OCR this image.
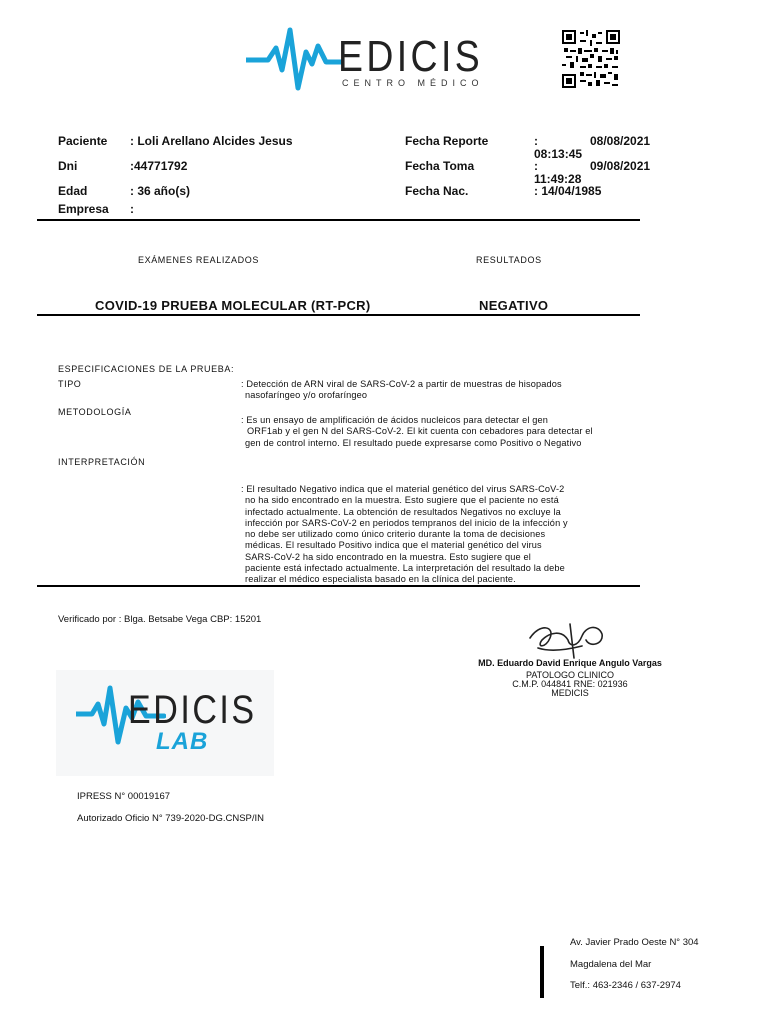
EDICIS
CENTRO MÉDICO
Paciente : Loli Arellano Alcides Jesus
Dni	:44771792
Edad	: 36 año(s)
Empresa :
Fecha Reporte	:	08/08/2021
08:13:45
Fecha Toma	:	09/08/2021
11:49:28
Fecha Nac.	: 14/04/1985
EXÁMENES REALIZADOS	RESULTADOS
COVID-19 PRUEBA MOLECULAR (RT-PCR)	NEGATIVO
ESPECIFICACIONES DE LA PRUEBA:
TIPO	: Detección de ARN viral de SARS-CoV-2 a partir de muestras de hisopados
nasofaríngeo y/o orofaríngeo
METODOLOGÍA
: Es un ensayo de amplificación de ácidos nucleicos para detectar el gen
ORF1ab y el gen N del SARS-CoV-2. El kit cuenta con cebadores para detectar el
gen de control interno. El resultado puede expresarse como Positivo o Negativo
INTERPRETACIÓN
: El resultado Negativo indica que el material genético del virus SARS-CoV-2
no ha sido encontrado en la muestra. Esto sugiere que el paciente no está
infectado actualmente. La obtención de resultados Negativos no excluye la
infección por SARS-CoV-2 en periodos tempranos del inicio de la infección y
no debe ser utilizado como único criterio durante la toma de decisiones
médicas. El resultado Positivo indica que el material genético del virus
SARS-CoV-2 ha sido encontrado en la muestra. Esto sugiere que el
paciente está infectado actualmente. La interpretación del resultado la debe
realizar el médico especialista basado en la clínica del paciente.
Verificado por : Blga. Betsabe Vega CBP: 15201
MD. Eduardo David Enrique Angulo Vargas
PATOLOGO CLINICO
C.M.P. 044841 RNE: 021936
MEDICIS
EDICIS
LAB
IPRESS N° 00019167
Autorizado Oficio N° 739-2020-DG.CNSP/IN
Av. Javier Prado Oeste N° 304
Magdalena del Mar
Telf.: 463-2346 / 637-2974
